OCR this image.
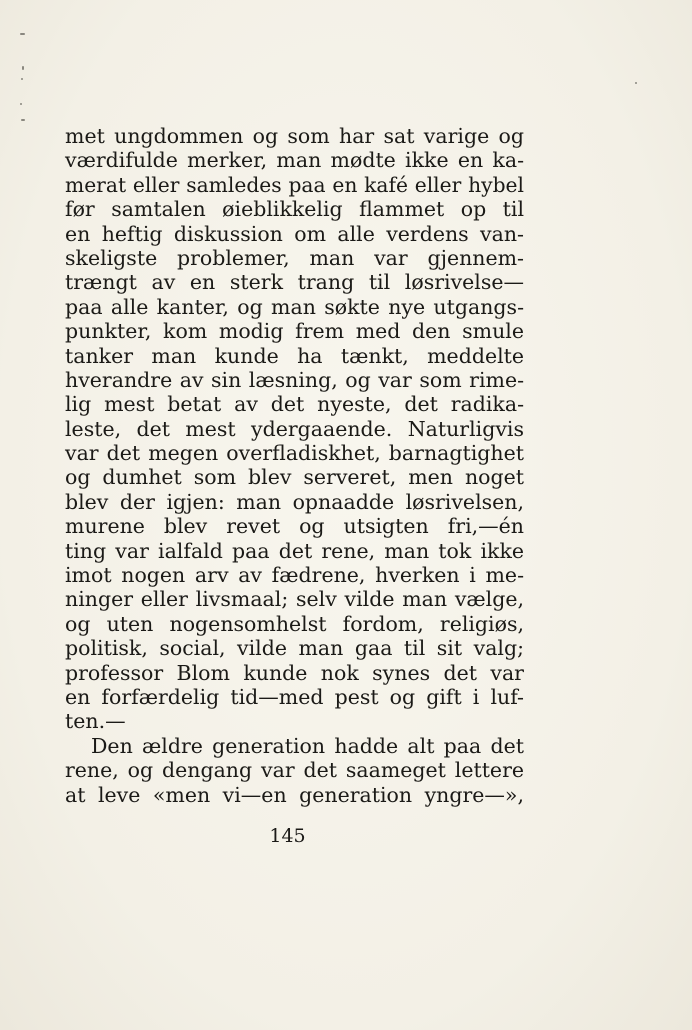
met ungdommen og som har sat varige og
værdifulde merker, man mødte ikke en ka-
merat eller samledes paa en kafé eller hybel
før samtalen øieblikkelig flammet op til
en heftig diskussion om alle verdens van-
skeligste problemer, man var gjennem-
trængt av en sterk trang til løsrivelse—
paa alle kanter, og man søkte nye utgangs-
punkter, kom modig frem med den smule
tanker man kunde ha tænkt, meddelte
hverandre av sin læsning, og var som rime-
lig mest betat av det nyeste, det radika-
leste, det mest ydergaaende. Naturligvis
var det megen overfladiskhet, barnagtighet
og dumhet som blev serveret, men noget
blev der igjen: man opnaadde løsrivelsen,
murene blev revet og utsigten fri,—én
ting var ialfald paa det rene, man tok ikke
imot nogen arv av fædrene, hverken i me-
ninger eller livsmaal; selv vilde man vælge,
og uten nogensomhelst fordom, religiøs,
politisk, social, vilde man gaa til sit valg;
professor Blom kunde nok synes det var
en forfærdelig tid—med pest og gift i luf-
ten.—
Den ældre generation hadde alt paa det
rene, og dengang var det saameget lettere
at leve «men vi—en generation yngre—»,
145
